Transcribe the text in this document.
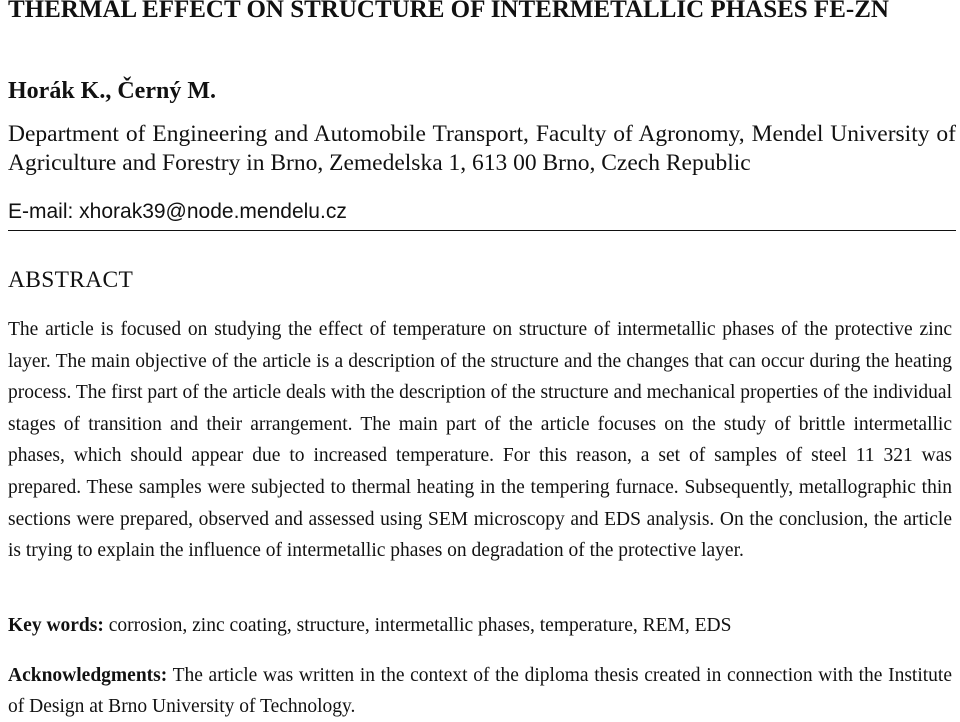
THERMAL EFFECT ON STRUCTURE OF INTERMETALLIC PHASES FE-ZN
Horák K., Černý M.
Department of Engineering and Automobile Transport, Faculty of Agronomy, Mendel University of Agriculture and Forestry in Brno, Zemedelska 1, 613 00 Brno, Czech Republic
E-mail: xhorak39@node.mendelu.cz
ABSTRACT
The article is focused on studying the effect of temperature on structure of intermetallic phases of the protective zinc layer. The main objective of the article is a description of the structure and the changes that can occur during the heating process. The first part of the article deals with the description of the structure and mechanical properties of the individual stages of transition and their arrangement. The main part of the article focuses on the study of brittle intermetallic phases, which should appear due to increased temperature. For this reason, a set of samples of steel 11 321 was prepared. These samples were subjected to thermal heating in the tempering furnace. Subsequently, metallographic thin sections were prepared, observed and assessed using SEM microscopy and EDS analysis. On the conclusion, the article is trying to explain the influence of intermetallic phases on degradation of the protective layer.
Key words: corrosion, zinc coating, structure, intermetallic phases, temperature, REM, EDS
Acknowledgments: The article was written in the context of the diploma thesis created in connection with the Institute of Design at Brno University of Technology.
